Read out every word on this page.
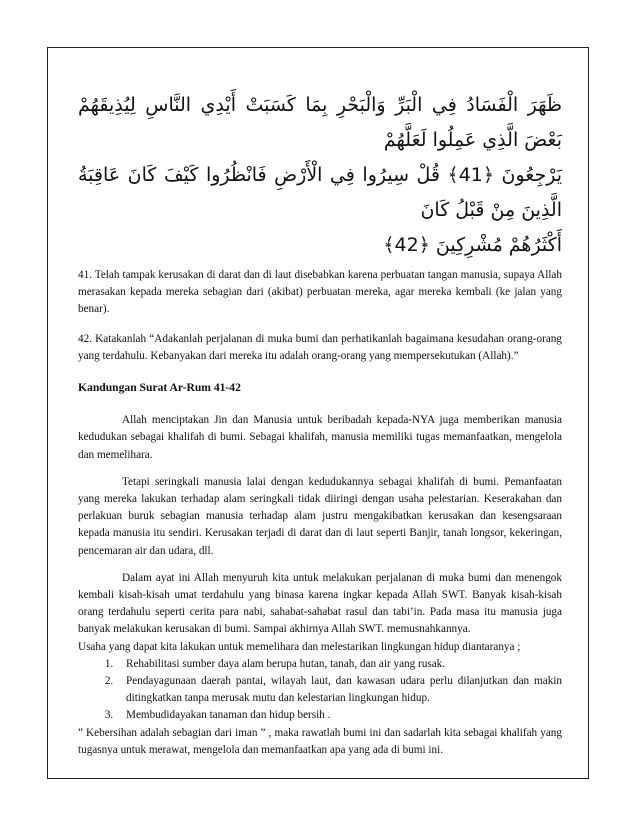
ظَهَرَ الْفَسَادُ فِي الْبَرِّ وَالْبَحْرِ بِمَا كَسَبَتْ أَيْدِي النَّاسِ لِيُذِيقَهُمْ بَعْضَ الَّذِي عَمِلُوا لَعَلَّهُمْ
يَرْجِعُونَ ﴿41﴾ قُلْ سِيرُوا فِي الْأَرْضِ فَانْظُرُوا كَيْفَ كَانَ عَاقِبَةُ الَّذِينَ مِنْ قَبْلُ كَانَ
أَكْثَرُهُمْ مُشْرِكِينَ ﴿42﴾

41. Telah tampak kerusakan di darat dan di laut disebabkan karena perbuatan tangan manusia, supaya Allah merasakan kepada mereka sebagian dari (akibat) perbuatan mereka, agar mereka kembali (ke jalan yang benar).

42. Katakanlah “Adakanlah perjalanan di muka bumi dan perhatikanlah bagaimana kesudahan orang-orang yang terdahulu. Kebanyakan dari mereka itu adalah orang-orang yang mempersekutukan (Allah).”

Kandungan Surat Ar-Rum 41-42

Allah menciptakan Jin dan Manusia untuk beribadah kepada-NYA juga memberikan manusia kedudukan sebagai khalifah di bumi. Sebagai khalifah, manusia memiliki tugas memanfaatkan, mengelola dan memelihara.

Tetapi seringkali manusia lalai dengan kedudukannya sebagai khalifah di bumi. Pemanfaatan yang mereka lakukan terhadap alam seringkali tidak diiringi dengan usaha pelestarian. Keserakahan dan perlakuan buruk sebagian manusia terhadap alam justru mengakibatkan kerusakan dan kesengsaraan kepada manusia itu sendiri. Kerusakan terjadi di darat dan di laut seperti Banjir, tanah longsor, kekeringan, pencemaran air dan udara, dll.

Dalam ayat ini Allah menyuruh kita untuk melakukan perjalanan di muka bumi dan menengok kembali kisah-kisah umat terdahulu yang binasa karena ingkar kepada Allah SWT. Banyak kisah-kisah orang terdahulu seperti cerita para nabi, sahabat-sahabat rasul dan tabi’in. Pada masa itu manusia juga banyak melakukan kerusakan di bumi. Sampai akhirnya Allah SWT. memusnahkannya.

Usaha yang dapat kita lakukan untuk memelihara dan melestarikan lingkungan hidup diantaranya ;

1. Rehabilitasi sumber daya alam berupa hutan, tanah, dan air yang rusak.
2. Pendayagunaan daerah pantai, wilayah laut, dan kawasan udara perlu dilanjutkan dan makin ditingkatkan tanpa merusak mutu dan kelestarian lingkungan hidup.
3. Membudidayakan tanaman dan hidup bersih .

” Kebersihan adalah sebagian dari iman ” , maka rawatlah bumi ini dan sadarlah kita sebagai khalifah yang tugasnya untuk merawat, mengelola dan memanfaatkan apa yang ada di bumi ini.
